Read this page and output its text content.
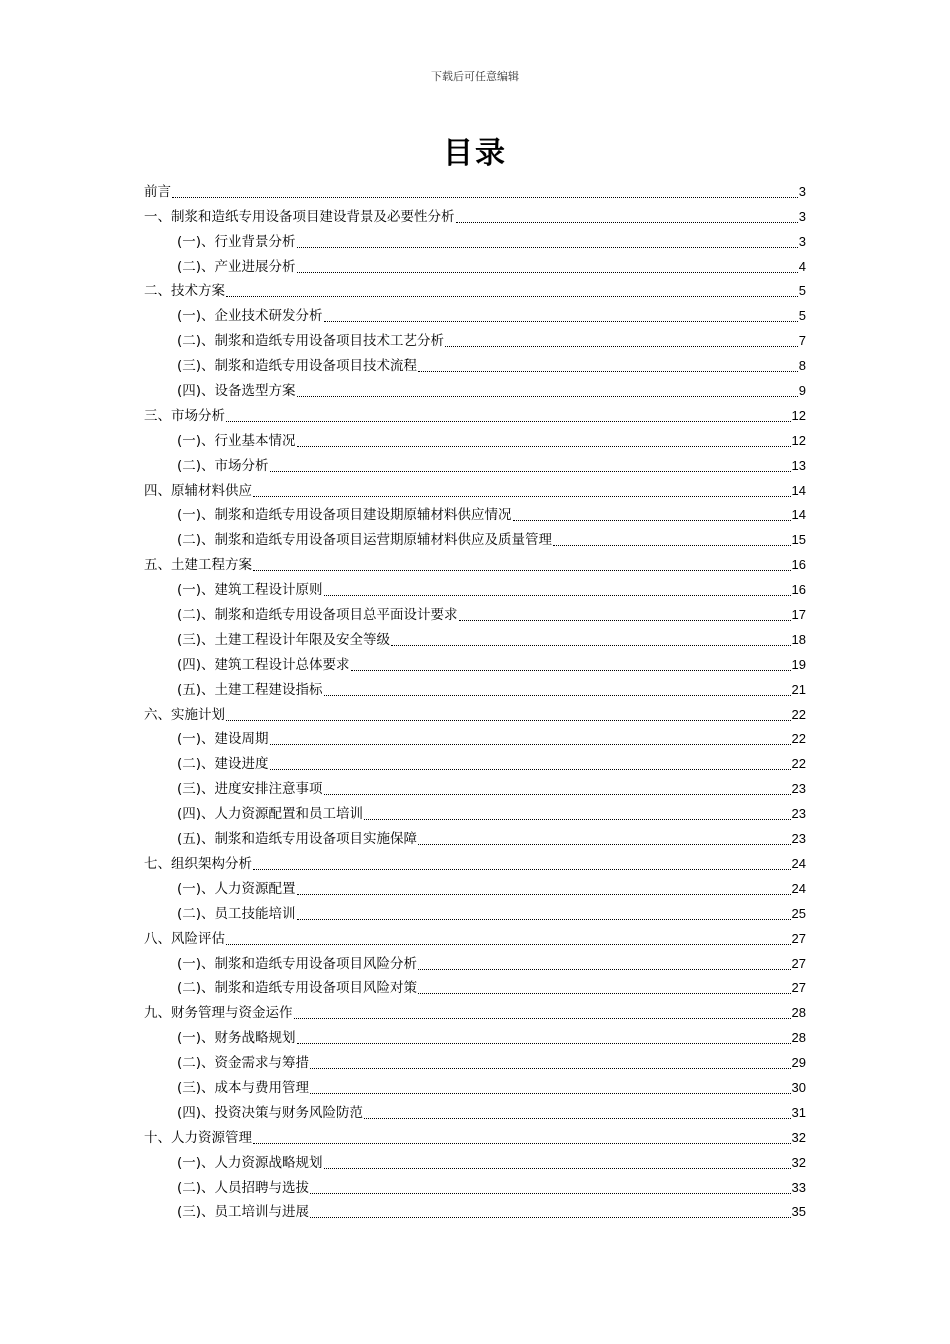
下载后可任意编辑
目录
前言	3
一、制浆和造纸专用设备项目建设背景及必要性分析	3
(一)、行业背景分析	3
(二)、产业进展分析	4
二、技术方案	5
(一)、企业技术研发分析	5
(二)、制浆和造纸专用设备项目技术工艺分析	7
(三)、制浆和造纸专用设备项目技术流程	8
(四)、设备选型方案	9
三、市场分析	12
(一)、行业基本情况	12
(二)、市场分析	13
四、原辅材料供应	14
(一)、制浆和造纸专用设备项目建设期原辅材料供应情况	14
(二)、制浆和造纸专用设备项目运营期原辅材料供应及质量管理	15
五、土建工程方案	16
(一)、建筑工程设计原则	16
(二)、制浆和造纸专用设备项目总平面设计要求	17
(三)、土建工程设计年限及安全等级	18
(四)、建筑工程设计总体要求	19
(五)、土建工程建设指标	21
六、实施计划	22
(一)、建设周期	22
(二)、建设进度	22
(三)、进度安排注意事项	23
(四)、人力资源配置和员工培训	23
(五)、制浆和造纸专用设备项目实施保障	23
七、组织架构分析	24
(一)、人力资源配置	24
(二)、员工技能培训	25
八、风险评估	27
(一)、制浆和造纸专用设备项目风险分析	27
(二)、制浆和造纸专用设备项目风险对策	27
九、财务管理与资金运作	28
(一)、财务战略规划	28
(二)、资金需求与筹措	29
(三)、成本与费用管理	30
(四)、投资决策与财务风险防范	31
十、人力资源管理	32
(一)、人力资源战略规划	32
(二)、人员招聘与选拔	33
(三)、员工培训与进展	35
